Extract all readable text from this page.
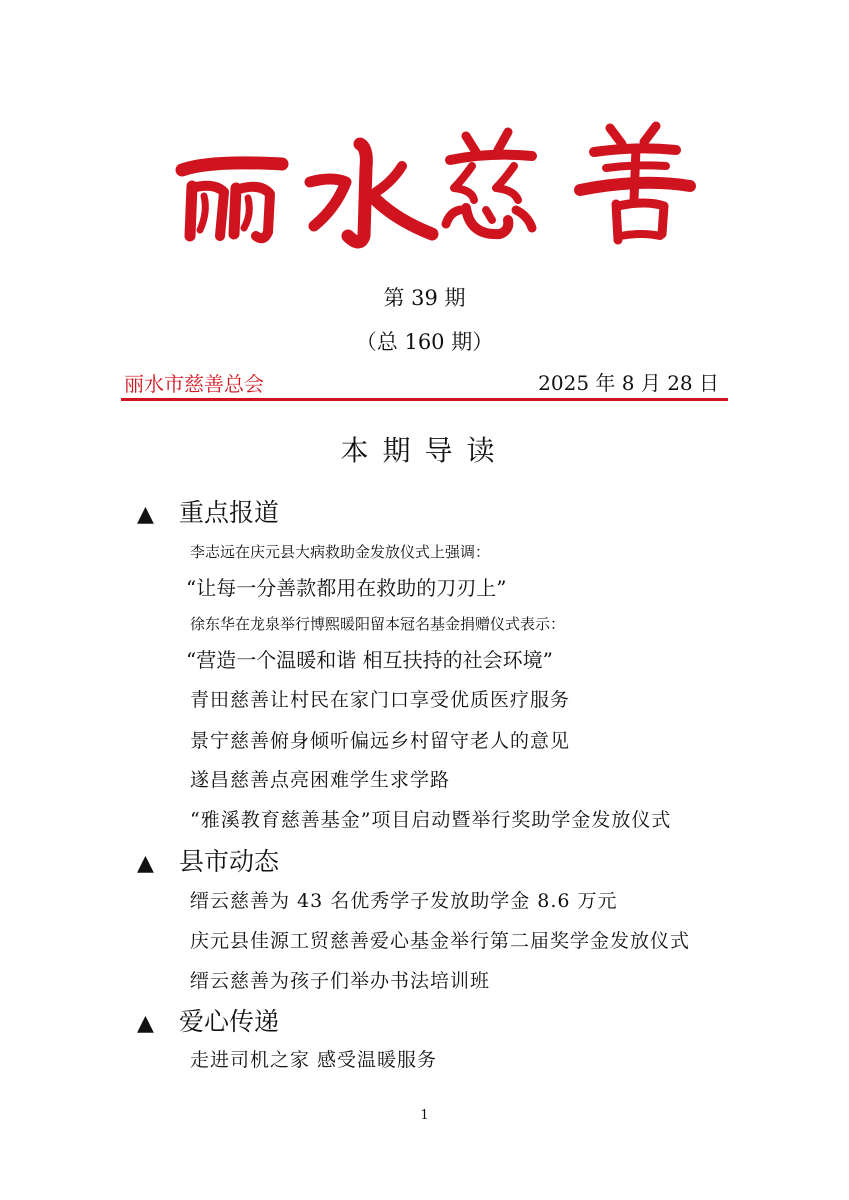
第 39 期
（总 160 期）
丽水市慈善总会	2025 年 8 月 28 日
本期导读
▲ 重点报道
李志远在庆元县大病救助金发放仪式上强调：
“让每一分善款都用在救助的刀刃上”
徐东华在龙泉举行博熙暖阳留本冠名基金捐赠仪式表示：
“营造一个温暖和谐 相互扶持的社会环境”
青田慈善让村民在家门口享受优质医疗服务
景宁慈善俯身倾听偏远乡村留守老人的意见
遂昌慈善点亮困难学生求学路
“雅溪教育慈善基金”项目启动暨举行奖助学金发放仪式
▲ 县市动态
缙云慈善为 43 名优秀学子发放助学金 8.6 万元
庆元县佳源工贸慈善爱心基金举行第二届奖学金发放仪式
缙云慈善为孩子们举办书法培训班
▲ 爱心传递
走进司机之家 感受温暖服务
1
